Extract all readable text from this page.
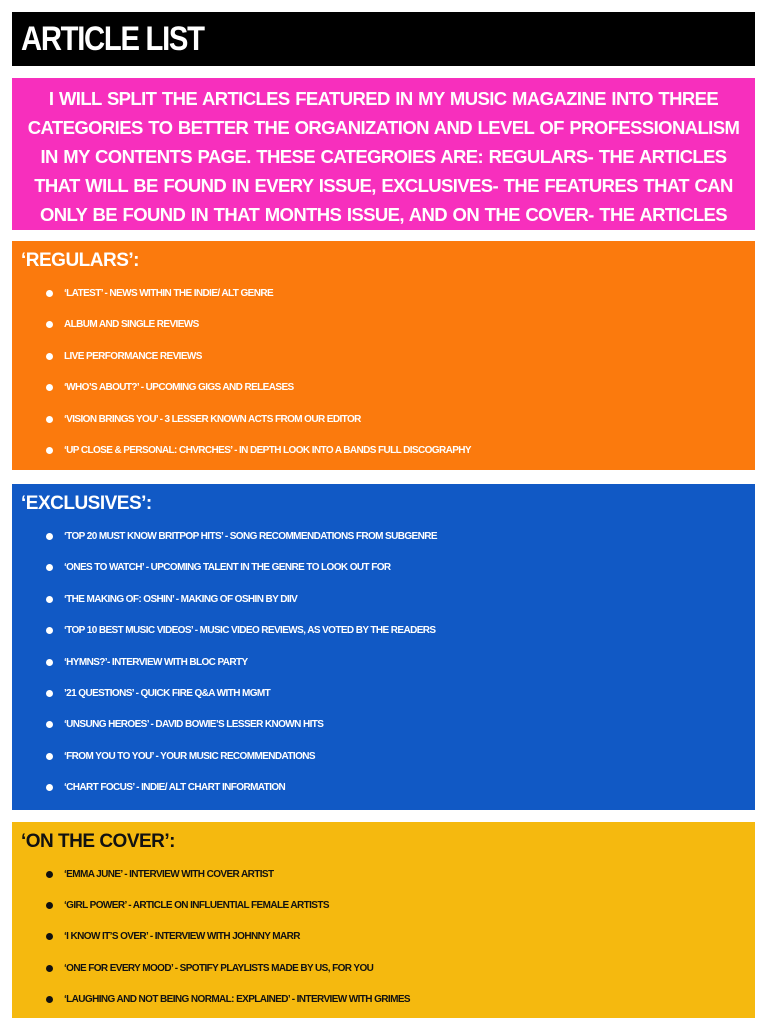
ARTICLE LIST

I WILL SPLIT THE ARTICLES FEATURED IN MY MUSIC MAGAZINE INTO THREE CATEGORIES TO BETTER THE ORGANIZATION AND LEVEL OF PROFESSIONALISM IN MY CONTENTS PAGE. THESE CATEGROIES ARE: REGULARS- THE ARTICLES THAT WILL BE FOUND IN EVERY ISSUE, EXCLUSIVES- THE FEATURES THAT CAN ONLY BE FOUND IN THAT MONTHS ISSUE, AND ON THE COVER- THE ARTICLES

‘REGULARS’:
‘LATEST’ - NEWS WITHIN THE INDIE/ ALT GENRE
ALBUM AND SINGLE REVIEWS
LIVE PERFORMANCE REVIEWS
‘WHO’S ABOUT?’ - UPCOMING GIGS AND RELEASES
‘VISION BRINGS YOU’ - 3 LESSER KNOWN ACTS FROM OUR EDITOR
‘UP CLOSE & PERSONAL: CHVRCHES’ - IN DEPTH LOOK INTO A BANDS FULL DISCOGRAPHY
‘EXCLUSIVES’:
‘TOP 20 MUST KNOW BRITPOP HITS’ - SONG RECOMMENDATIONS FROM SUBGENRE
‘ONES TO WATCH’ - UPCOMING TALENT IN THE GENRE TO LOOK OUT FOR
‘THE MAKING OF: OSHIN’ - MAKING OF OSHIN BY DIIV
‘TOP 10 BEST MUSIC VIDEOS’ - MUSIC VIDEO REVIEWS, AS VOTED BY THE READERS
‘HYMNS?’- INTERVIEW WITH BLOC PARTY
’21 QUESTIONS’ - QUICK FIRE Q&A WITH MGMT
‘UNSUNG HEROES’ - DAVID BOWIE’S LESSER KNOWN HITS
‘FROM YOU TO YOU’ - YOUR MUSIC RECOMMENDATIONS
‘CHART FOCUS’ - INDIE/ ALT CHART INFORMATION
‘ON THE COVER’:
‘EMMA JUNE’ - INTERVIEW WITH COVER ARTIST
‘GIRL POWER’ - ARTICLE ON INFLUENTIAL FEMALE ARTISTS
‘I KNOW IT’S OVER’ - INTERVIEW WITH JOHNNY MARR
‘ONE FOR EVERY MOOD’ - SPOTIFY PLAYLISTS MADE BY US, FOR YOU
‘LAUGHING AND NOT BEING NORMAL: EXPLAINED’ - INTERVIEW WITH GRIMES
